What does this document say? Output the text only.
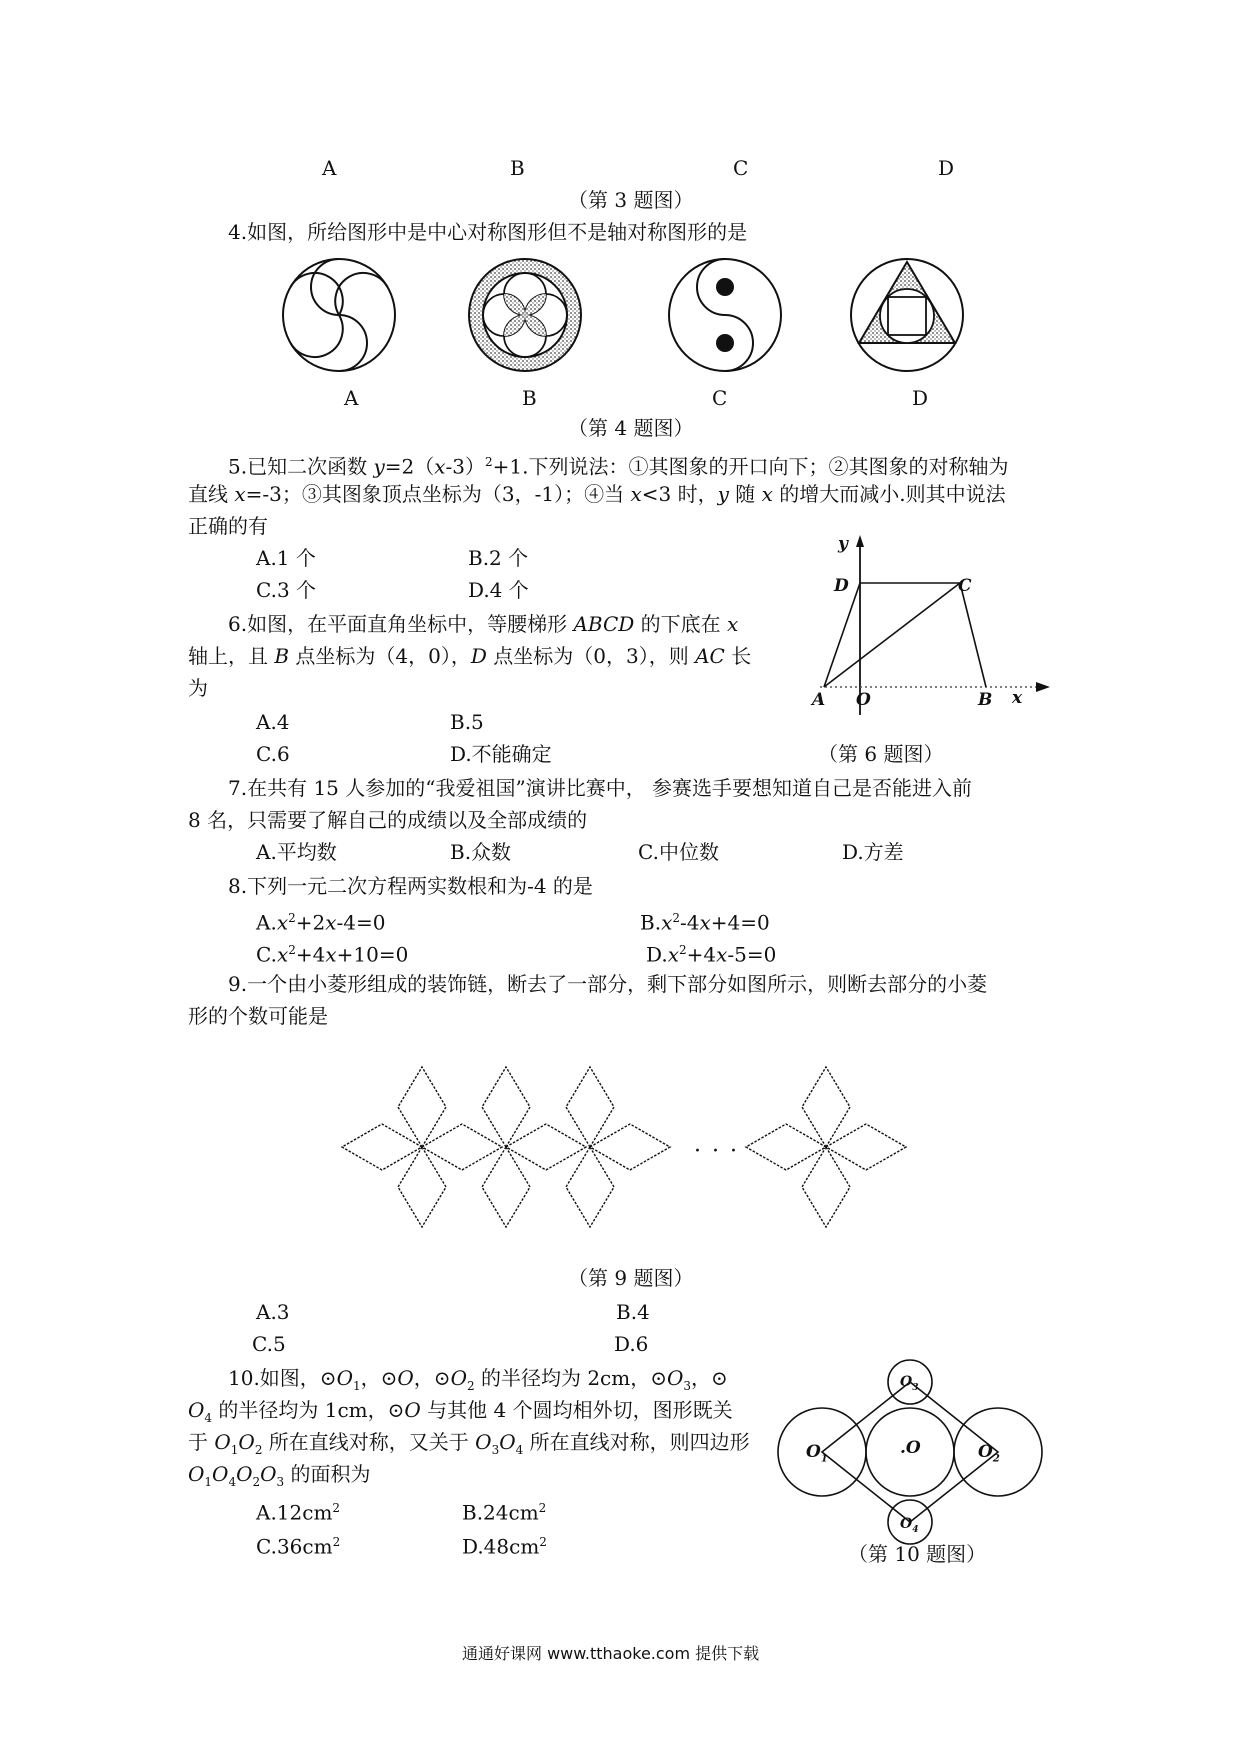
A	B	C	D
（第 3 题图）
4.如图，所给图形中是中心对称图形但不是轴对称图形的是
A	B	C	D
（第 4 题图）
5.已知二次函数 $y=2(x-3)^2+1$.下列说法：①其图象的开口向下；②其图象的对称轴为
直线 x=-3；③其图象顶点坐标为（3，-1）；④当 x<3 时，y 随 x 的增大而减小.则其中说法
正确的有
A.1 个	B.2 个
C.3 个	D.4 个
6.如图，在平面直角坐标中，等腰梯形 ABCD 的下底在 x
轴上，且 B 点坐标为（4，0），D 点坐标为（0，3），则 AC 长
为
A.4	B.5
C.6	D.不能确定
y
D	C
A O	B x
（第 6 题图）
7.在共有 15 人参加的“我爱祖国”演讲比赛中， 参赛选手要想知道自己是否能进入前
8 名，只需要了解自己的成绩以及全部成绩的
A.平均数	B.众数	C.中位数	D.方差
8.下列一元二次方程两实数根和为-4 的是
$A.x^2+2x-4=0$	$B.x^2-4x+4=0$
$C.x^2+4x+10=0$	$D.x^2+4x-5=0$
9.一个由小菱形组成的装饰链，断去了一部分，剩下部分如图所示，则断去部分的小菱
形的个数可能是
· · ·
（第 9 题图）
A.3	B.4
C.5	D.6
10.如图，$⊙O_1$，⊙O，$⊙O_2$ 的半径均为 2cm，$⊙O_3$，⊙
$O_4$ 的半径均为 1cm，⊙O 与其他 4 个圆均相外切，图形既关
于 $O_1O_2$ 所在直线对称，又关于 $O_3O_4$ 所在直线对称，则四边形
$O_1O_4O_2O_3$ 的面积为
$A.12cm^2$	$B.24cm^2$
$C.36cm^2$	$D.48cm^2$
$O_3$
$O_1$
.O	$O_2$
$O_4$
（第 10 题图）
通通好课网 www.tthaoke.com 提供下载
